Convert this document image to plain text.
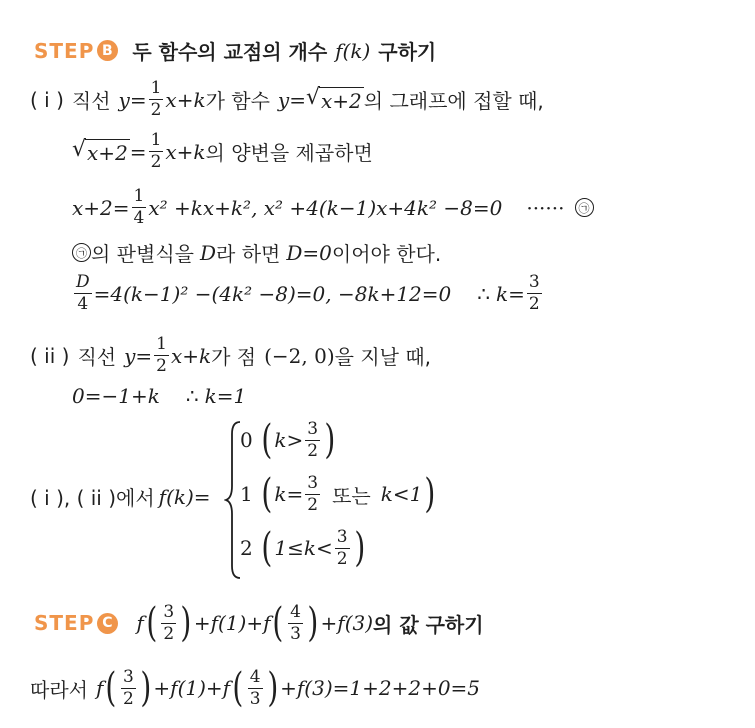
STEP B 두 함수의 교점의 개수 f(k) 구하기
( i ) 직선 $y= \frac{1}{2} x+k$ 가 함수 y= √ x+2 의 그래프에 접할 때,
√ $x+2 = \frac{1}{2} x+k$ 의 양변을 제곱하면
$x+2= \frac{1}{4} x^2 +kx+k^2$, x² +4(k−1)x+4k² −8=0 ······	㉠
㉠ 의 판별식을 D 라 하면 D=0 이어야 한다.
$\frac{D}{4} =4(k-1)^2 -(4k^2 -8)=0$, −8k+12=0 ∴ $k= \frac{3}{2}$
( ii ) 직선 $y= \frac{1}{2} x+k$ 가 점 (−2, 0) 을 지날 때,
0=−1+k ∴ k=1
( i ), ( ii )에서 f(k)=
0 ( $k> \frac{3}{2}$ )
1 ( $k= \frac{3}{2}$ 또는 k<1 )
2 ( $1\le k< \frac{3}{2}$ )
STEP C f ( $\frac{3}{2}$ ) +f(1)+f ( $\frac{4}{3}$ ) +f(3) 의 값 구하기
따라서 f ( $\frac{3}{2}$ ) +f(1)+f ( $\frac{4}{3}$ ) +f(3)=1+2+2+0=5
